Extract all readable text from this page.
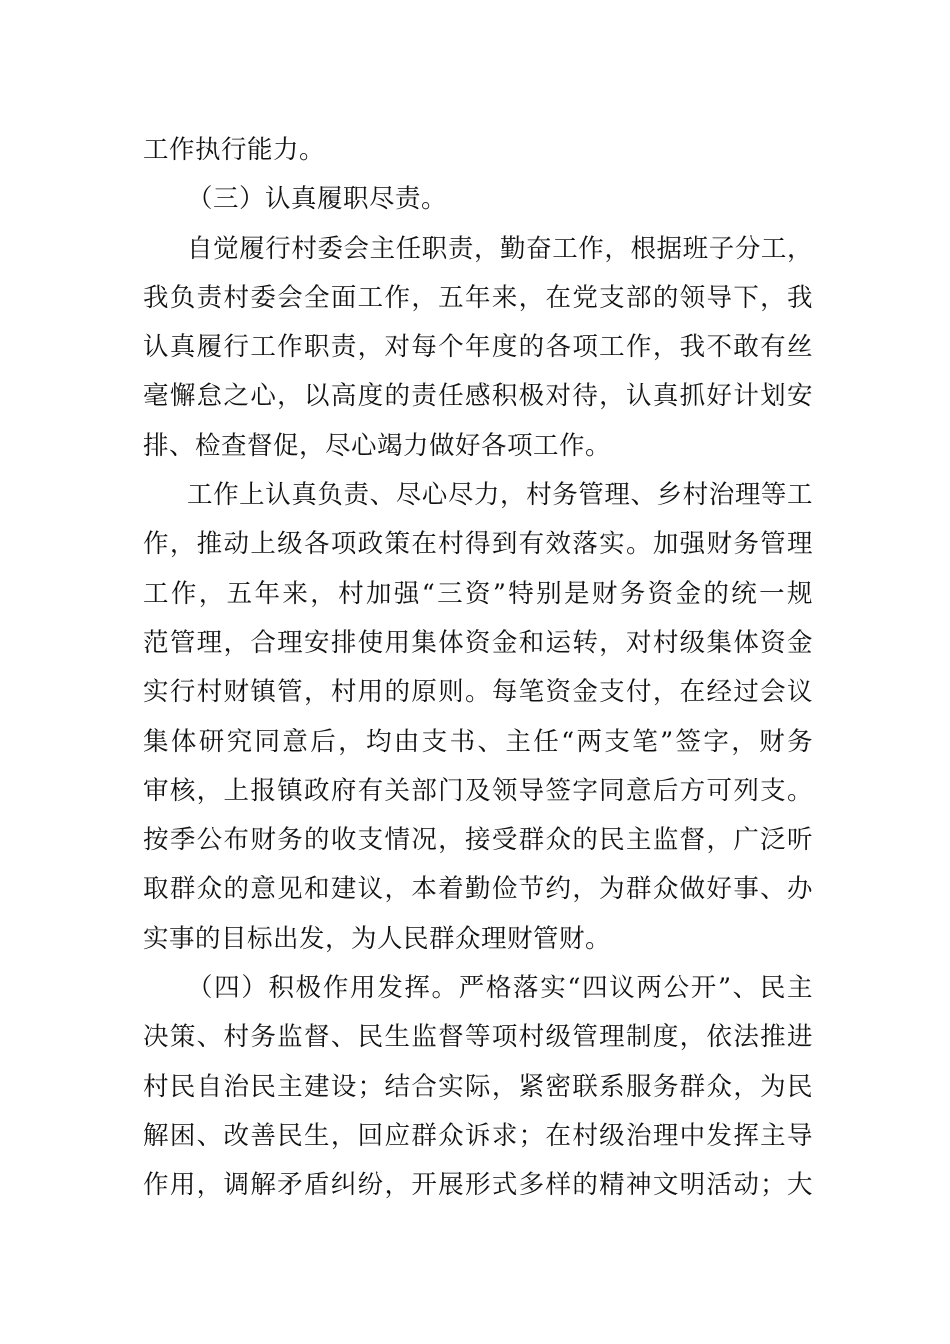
工作执行能力。
（三）认真履职尽责。
自觉履行村委会主任职责，勤奋工作，根据班子分工，
我负责村委会全面工作，五年来，在党支部的领导下，我
认真履行工作职责，对每个年度的各项工作，我不敢有丝
毫懈怠之心，以高度的责任感积极对待，认真抓好计划安
排、检查督促，尽心竭力做好各项工作。
工作上认真负责、尽心尽力，村务管理、乡村治理等工
作，推动上级各项政策在村得到有效落实。加强财务管理
工作，五年来，村加强“三资”特别是财务资金的统一规
范管理，合理安排使用集体资金和运转，对村级集体资金
实行村财镇管，村用的原则。每笔资金支付，在经过会议
集体研究同意后，均由支书、主任“两支笔”签字，财务
审核，上报镇政府有关部门及领导签字同意后方可列支。
按季公布财务的收支情况，接受群众的民主监督，广泛听
取群众的意见和建议，本着勤俭节约，为群众做好事、办
实事的目标出发，为人民群众理财管财。
（四）积极作用发挥。严格落实“四议两公开”、民主
决策、村务监督、民生监督等项村级管理制度，依法推进
村民自治民主建设；结合实际，紧密联系服务群众，为民
解困、改善民生，回应群众诉求；在村级治理中发挥主导
作用，调解矛盾纠纷，开展形式多样的精神文明活动；大
